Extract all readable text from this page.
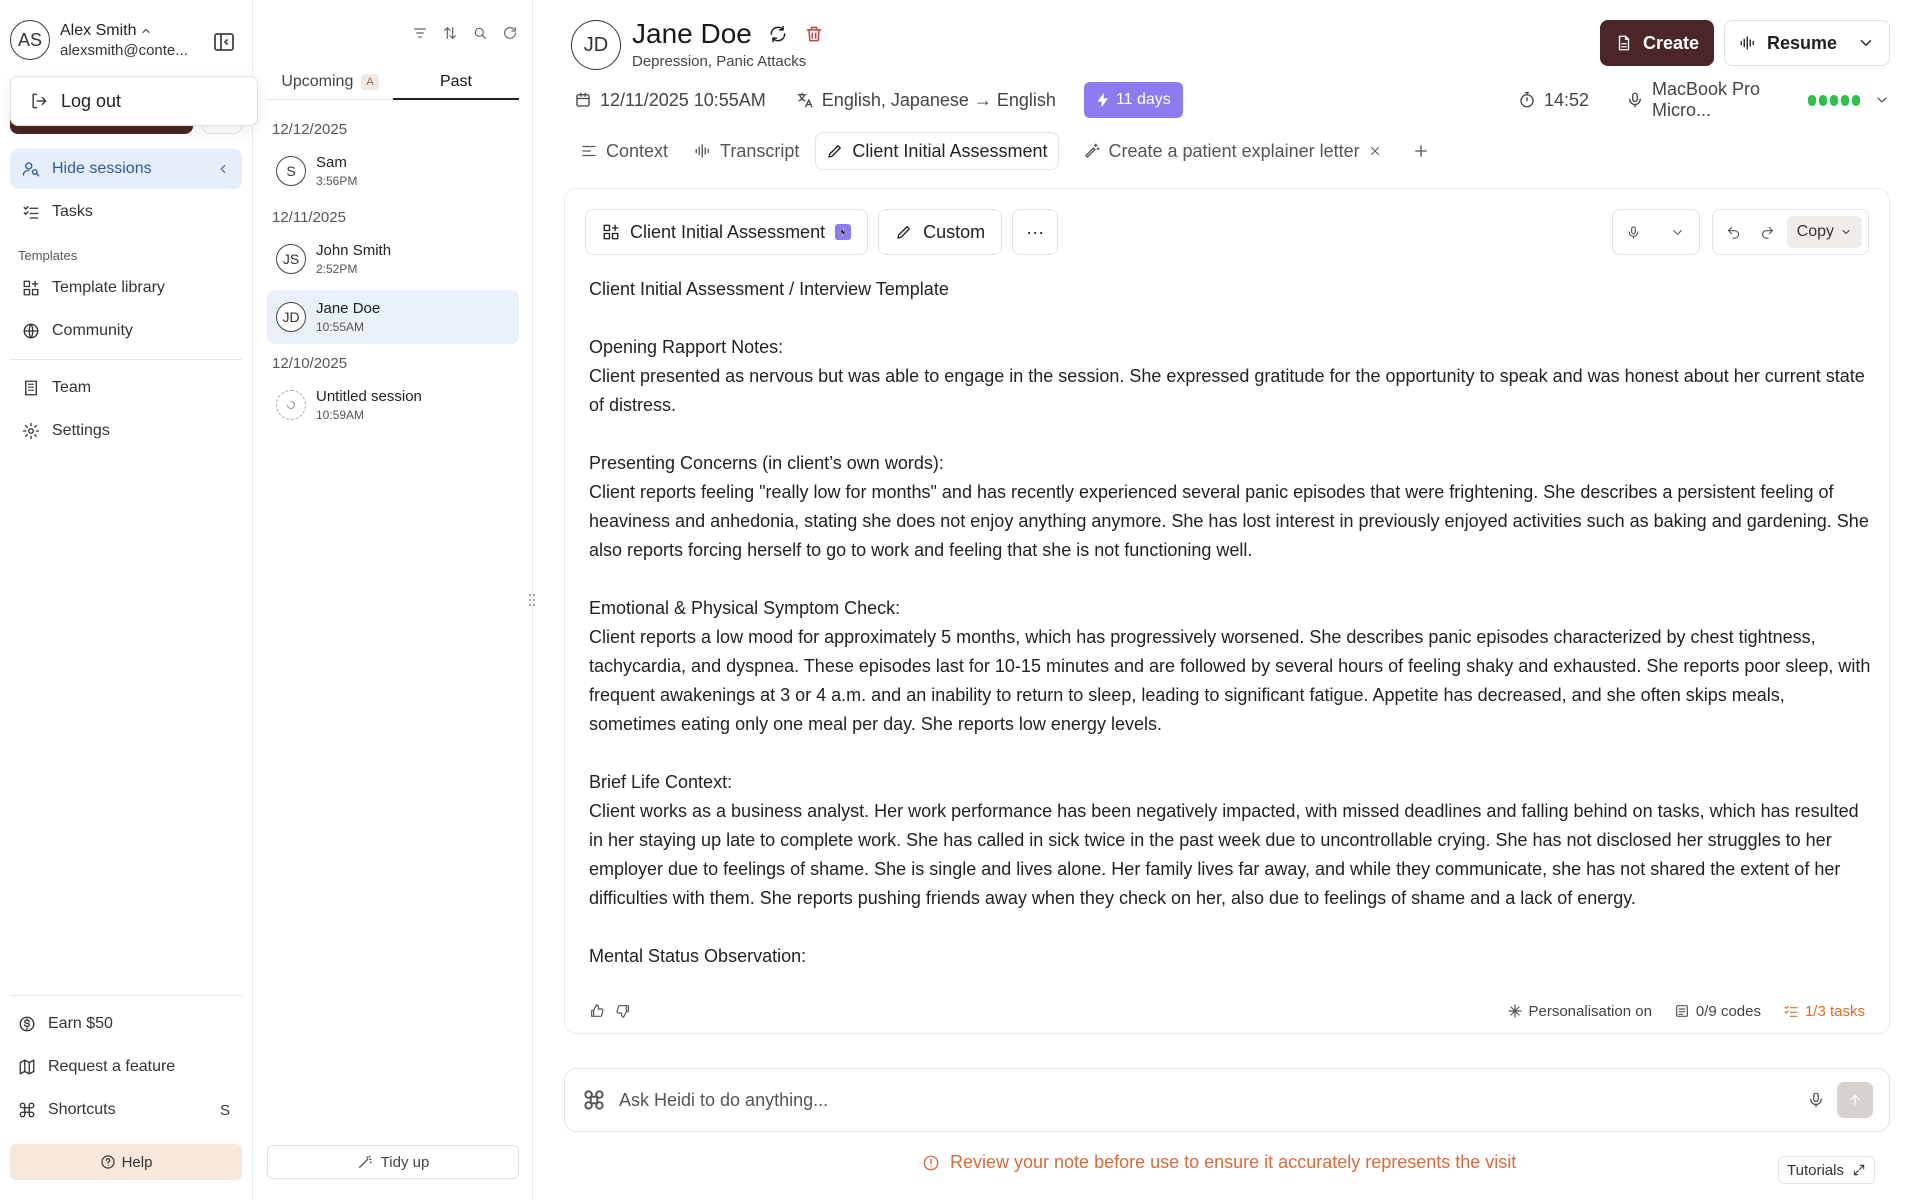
AS	Alex Smith
alexsmith@conte...
Log out
Hide sessions
Tasks
Templates
Template library
Community
Team
Settings
Earn $50
Request a feature
Shortcuts	S
Help
Upcoming	A	Past
12/12/2025
S	Sam
3:56PM
12/11/2025
JS	John Smith
2:52PM
JD	Jane Doe
10:55AM
12/10/2025
Untitled session
10:59AM
Tidy up
JD Jane Doe
Depression, Panic Attacks
Create	Resume
12/11/2025 10:55AM	English, Japanese → English	11 days	14:52
MacBook Pro Micro...
Context	Transcript	Client Initial Assessment	Create a patient explainer letter
Client Initial Assessment	Custom ···	Copy
Client Initial Assessment / Interview Template

Opening Rapport Notes:
Client presented as nervous but was able to engage in the session. She expressed gratitude for the opportunity to speak and was honest about her current state of distress.

Presenting Concerns (in client’s own words):
Client reports feeling "really low for months" and has recently experienced several panic episodes that were frightening. She describes a persistent feeling of heaviness and anhedonia, stating she does not enjoy anything anymore. She has lost interest in previously enjoyed activities such as baking and gardening. She also reports forcing herself to go to work and feeling that she is not functioning well.

Emotional & Physical Symptom Check:
Client reports a low mood for approximately 5 months, which has progressively worsened. She describes panic episodes characterized by chest tightness, tachycardia, and dyspnea. These episodes last for 10-15 minutes and are followed by several hours of feeling shaky and exhausted. She reports poor sleep, with frequent awakenings at 3 or 4 a.m. and an inability to return to sleep, leading to significant fatigue. Appetite has decreased, and she often skips meals, sometimes eating only one meal per day. She reports low energy levels.

Brief Life Context:
Client works as a business analyst. Her work performance has been negatively impacted, with missed deadlines and falling behind on tasks, which has resulted in her staying up late to complete work. She has called in sick twice in the past week due to uncontrollable crying. She has not disclosed her struggles to her employer due to feelings of shame. She is single and lives alone. Her family lives far away, and while they communicate, she has not shared the extent of her difficulties with them. She reports pushing friends away when they check on her, also due to feelings of shame and a lack of energy.

Mental Status Observation:
Personalisation on	0/9 codes	1/3 tasks
Ask Heidi to do anything...
Review your note before use to ensure it accurately represents the visit	Tutorials
